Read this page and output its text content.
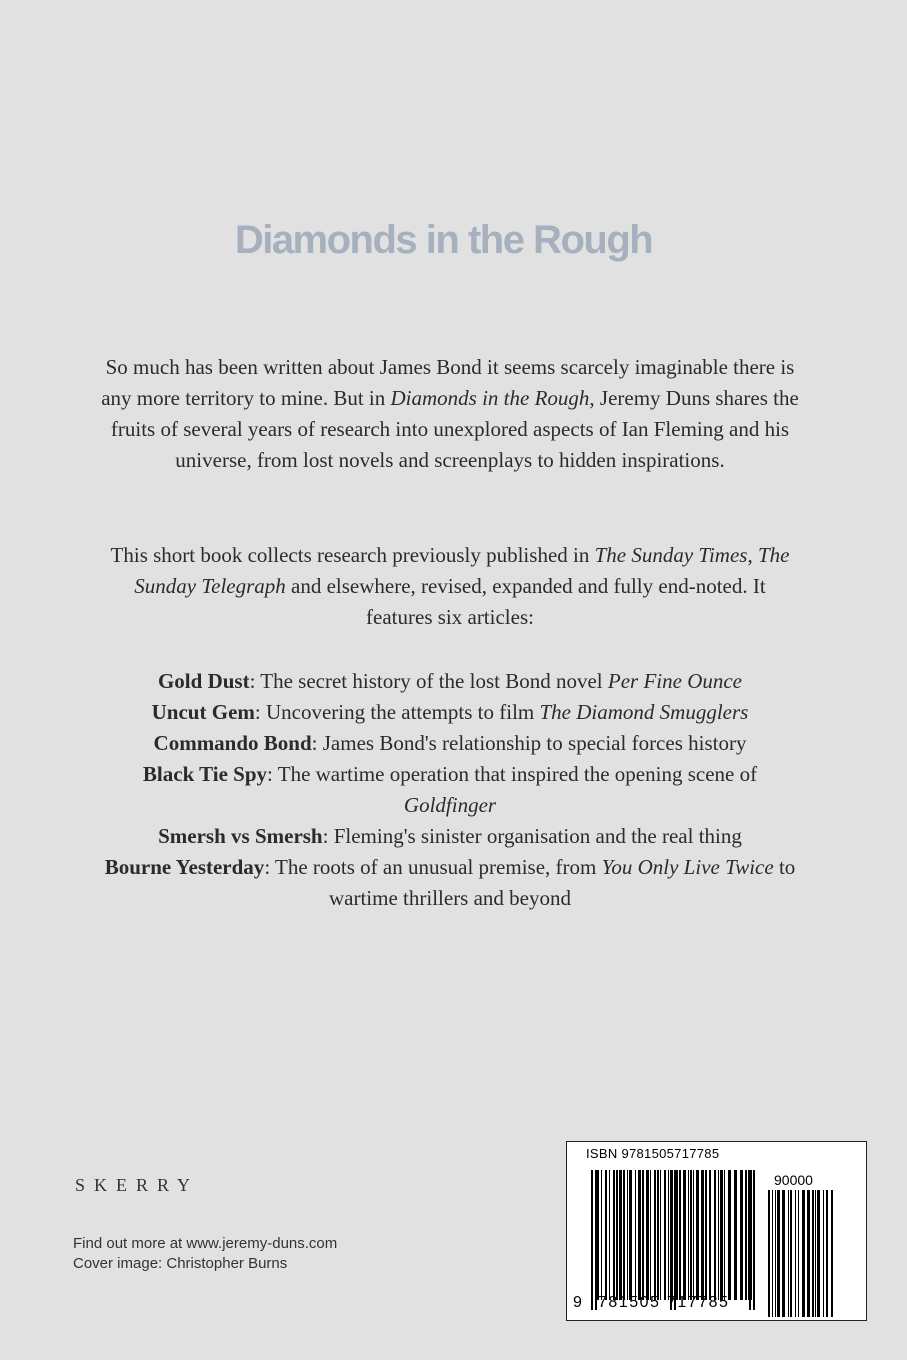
Diamonds in the Rough
So much has been written about James Bond it seems scarcely imaginable there is any more territory to mine. But in Diamonds in the Rough, Jeremy Duns shares the fruits of several years of research into unexplored aspects of Ian Fleming and his universe, from lost novels and screenplays to hidden inspirations.
This short book collects research previously published in The Sunday Times, The Sunday Telegraph and elsewhere, revised, expanded and fully end-noted. It features six articles:
Gold Dust: The secret history of the lost Bond novel Per Fine Ounce
Uncut Gem: Uncovering the attempts to film The Diamond Smugglers
Commando Bond: James Bond's relationship to special forces history
Black Tie Spy: The wartime operation that inspired the opening scene of Goldfinger
Smersh vs Smersh: Fleming's sinister organisation and the real thing
Bourne Yesterday: The roots of an unusual premise, from You Only Live Twice to wartime thrillers and beyond
SKERRY
Find out more at www.jeremy-duns.com
Cover image: Christopher Burns
ISBN 9781505717785
90000
9 781505 717785
